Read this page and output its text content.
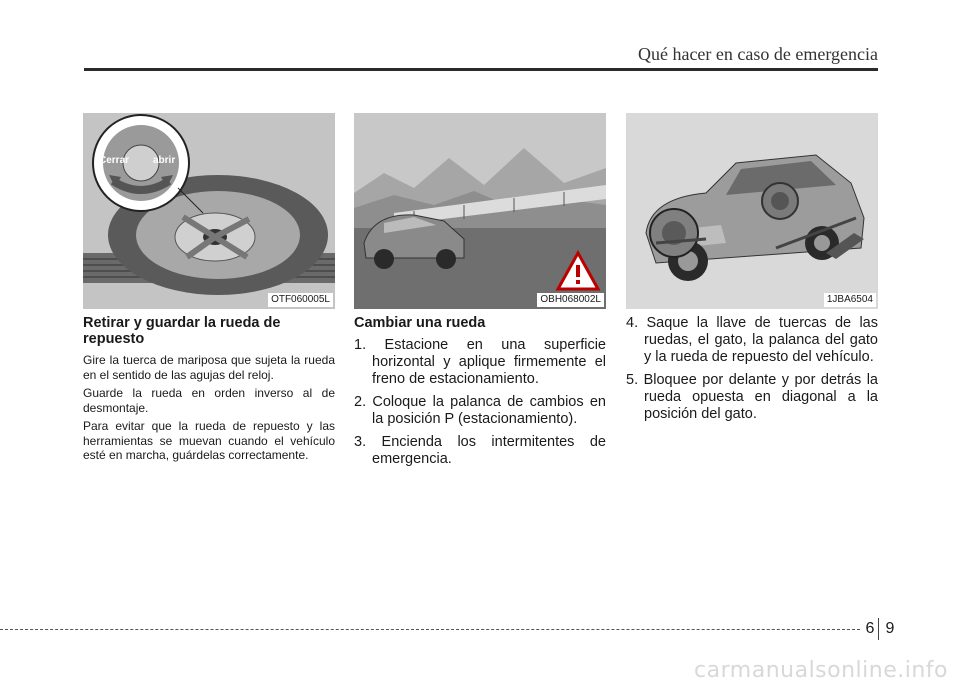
Qué hacer en caso de emergencia
Cerrar abrir
OTF060005L
Retirar y guardar la rueda de repuesto

Gire la tuerca de mariposa que sujeta la rueda en el sentido de las agujas del reloj.

Guarde la rueda en orden inverso al de desmontaje.

Para evitar que la rueda de repuesto y las herramientas se muevan cuando el vehículo esté en marcha, guárdelas correctamente.

OBH068002L
Cambiar una rueda
1. Estacione en una superficie horizontal y aplique firmemente el freno de estacionamiento.
2. Coloque la palanca de cambios en la posición P (estacionamiento).
3. Encienda los intermitentes de emergencia.
1JBA6504
4. Saque la llave de tuercas de las ruedas, el gato, la palanca del gato y la rueda de repuesto del vehículo.
5. Bloquee por delante y por detrás la rueda opuesta en diagonal a la posición del gato.
6 9
carmanualsonline.info
